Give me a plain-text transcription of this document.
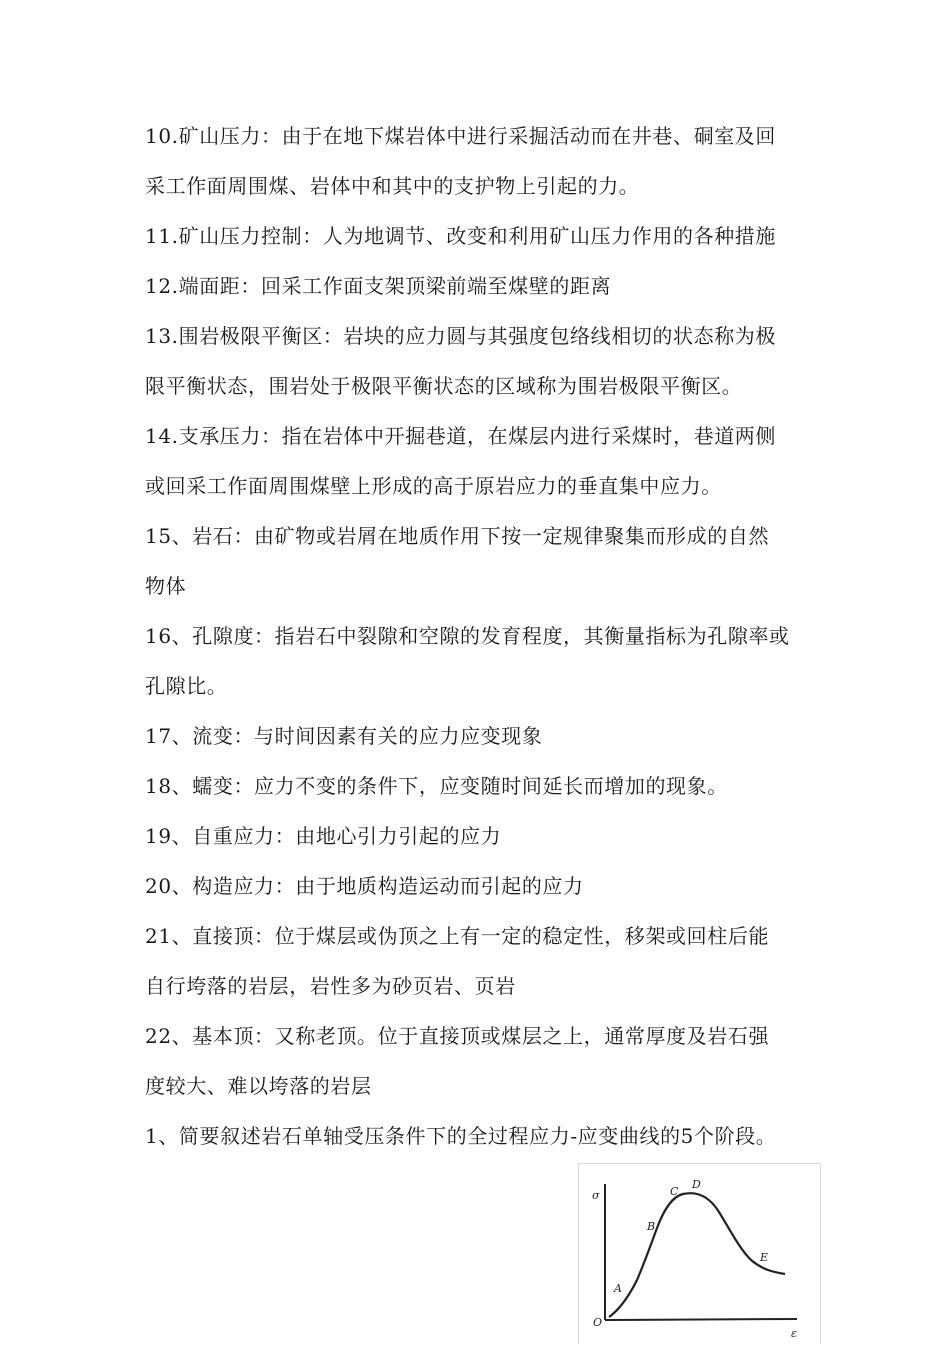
10.矿山压力：由于在地下煤岩体中进行采掘活动而在井巷、硐室及回
采工作面周围煤、岩体中和其中的支护物上引起的力。
11.矿山压力控制：人为地调节、改变和利用矿山压力作用的各种措施
12.端面距：回采工作面支架顶梁前端至煤壁的距离
13.围岩极限平衡区：岩块的应力圆与其强度包络线相切的状态称为极
限平衡状态，围岩处于极限平衡状态的区域称为围岩极限平衡区。
14.支承压力：指在岩体中开掘巷道，在煤层内进行采煤时，巷道两侧
或回采工作面周围煤壁上形成的高于原岩应力的垂直集中应力。
15、岩石：由矿物或岩屑在地质作用下按一定规律聚集而形成的自然
物体
16、孔隙度：指岩石中裂隙和空隙的发育程度，其衡量指标为孔隙率或
孔隙比。
17、流变：与时间因素有关的应力应变现象
18、蠕变：应力不变的条件下，应变随时间延长而增加的现象。
19、自重应力：由地心引力引起的应力
20、构造应力：由于地质构造运动而引起的应力
21、直接顶：位于煤层或伪顶之上有一定的稳定性，移架或回柱后能
自行垮落的岩层，岩性多为砂页岩、页岩
22、基本顶：又称老顶。位于直接顶或煤层之上，通常厚度及岩石强
度较大、难以垮落的岩层
1、简要叙述岩石单轴受压条件下的全过程应力-应变曲线的5个阶段。
σ
ε
O
A
B
C
D
E
